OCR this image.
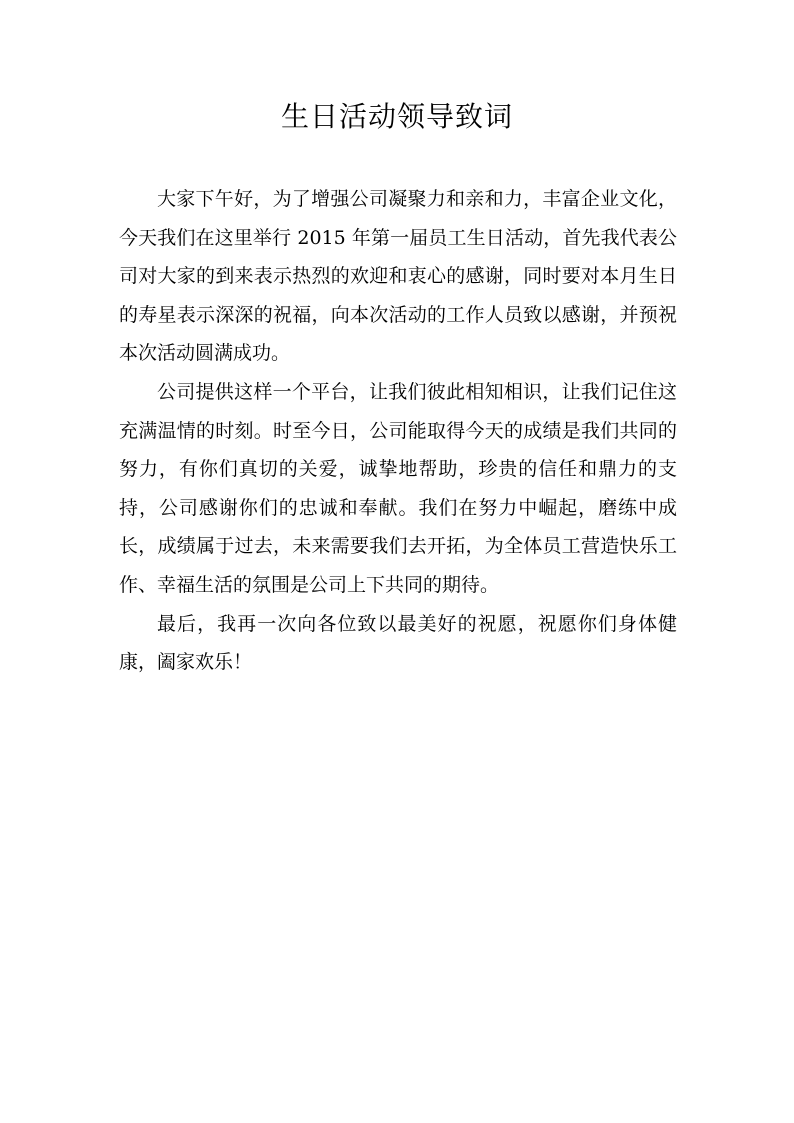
生日活动领导致词

大家下午好，为了增强公司凝聚力和亲和力，丰富企业文化，今天我们在这里举行 2015 年第一届员工生日活动，首先我代表公司对大家的到来表示热烈的欢迎和衷心的感谢，同时要对本月生日的寿星表示深深的祝福，向本次活动的工作人员致以感谢，并预祝本次活动圆满成功。

公司提供这样一个平台，让我们彼此相知相识，让我们记住这充满温情的时刻。时至今日，公司能取得今天的成绩是我们共同的努力，有你们真切的关爱，诚挚地帮助，珍贵的信任和鼎力的支持，公司感谢你们的忠诚和奉献。我们在努力中崛起，磨练中成长，成绩属于过去，未来需要我们去开拓，为全体员工营造快乐工作、幸福生活的氛围是公司上下共同的期待。

最后，我再一次向各位致以最美好的祝愿，祝愿你们身体健康，阖家欢乐！
